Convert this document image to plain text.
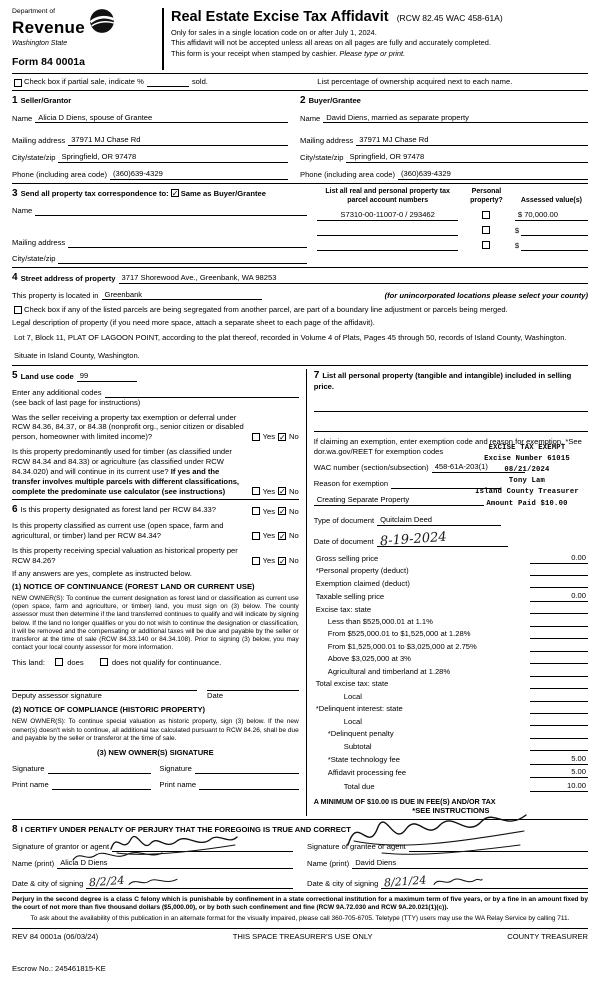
Department of
Revenue
Washington State
Form 84 0001a
Real Estate Excise Tax Affidavit (RCW 82.45 WAC 458-61A)
Only for sales in a single location code on or after July 1, 2024.
This affidavit will not be accepted unless all areas on all pages are fully and accurately completed.
This form is your receipt when stamped by cashier. Please type or print.
Check box if partial sale, indicate %	sold.	List percentage of ownership acquired next to each name.
1 Seller/Grantor
Name Alicia D Diens, spouse of Grantee
Mailing address 37971 MJ Chase Rd
City/state/zip Springfield, OR 97478
Phone (including area code) (360)639-4329
2 Buyer/Grantee
Name David Diens, married as separate property
Mailing address 37971 MJ Chase Rd
City/state/zip Springfield, OR 97478
Phone (including area code) (360)639-4329
3 Send all property tax correspondence to: ✓ Same as Buyer/Grantee
Name
Mailing address
City/state/zip
List all real and personal property tax parcel account numbers
Personal property?	Assessed value(s)
S7310-00-11007-0 / 293462	$ 70,000.00
$
$
4 Street address of property 3717 Shorewood Ave., Greenbank, WA 98253
This property is located in Greenbank	(for unincorporated locations please select your county)
Check box if any of the listed parcels are being segregated from another parcel, are part of a boundary line adjustment or parcels being merged.
Legal description of property (if you need more space, attach a separate sheet to each page of the affidavit).
Lot 7, Block 11, PLAT OF LAGOON POINT, according to the plat thereof, recorded in Volume 4 of Plats, Pages 45 through 50, records of Island County, Washington.
Situate in Island County, Washington.
5 Land use code 99
Enter any additional codes
(see back of last page for instructions)
Was the seller receiving a property tax exemption or deferral under RCW 84.36, 84.37, or 84.38 (nonprofit org., senior citizen or disabled person, homeowner with limited income)?	Yes ✓ No
Is this property predominantly used for timber (as classified under RCW 84.34 and 84.33) or agriculture (as classified under RCW 84.34.020) and will continue in its current use? If yes and the transfer involves multiple parcels with different classifications, complete the predominate use calculator (see instructions)	Yes ✓ No
6 Is this property designated as forest land per RCW 84.33?	Yes ✓ No
Is this property classified as current use (open space, farm and agricultural, or timber) land per RCW 84.34?	Yes ✓ No
Is this property receiving special valuation as historical property per RCW 84.26?	Yes ✓ No
If any answers are yes, complete as instructed below.
(1) NOTICE OF CONTINUANCE (FOREST LAND OR CURRENT USE)
NEW OWNER(S): To continue the current designation as forest land or classification as current use (open space, farm and agriculture, or timber) land, you must sign on (3) below. The county assessor must then determine if the land transferred continues to qualify and will indicate by signing below. If the land no longer qualifies or you do not wish to continue the designation or classification, it will be removed and the compensating or additional taxes will be due and payable by the seller or transferor at the time of sale (RCW 84.33.140 or 84.34.108). Prior to signing (3) below, you may contact your local county assessor for more information.
This land:	does	does not qualify for continuance.
Deputy assessor signature	Date
(2) NOTICE OF COMPLIANCE (HISTORIC PROPERTY)
NEW OWNER(S): To continue special valuation as historic property, sign (3) below. If the new owner(s) doesn't wish to continue, all additional tax calculated pursuant to RCW 84.26, shall be due and payable by the seller or transferor at the time of sale.
(3) NEW OWNER(S) SIGNATURE
Signature	Signature
Print name	Print name
7 List all personal property (tangible and intangible) included in selling price.
If claiming an exemption, enter exemption code and reason for exemption. *See dor.wa.gov/REET for exemption codes
WAC number (section/subsection) 458-61A-203(1)
Reason for exemption
Creating Separate Property
Type of document Quitclaim Deed
Date of document 8-19-2024
EXCISE TAX EXEMPT
Excise Number 61015
08/21/2024
Tony Lam
Island County Treasurer
Amount Paid $10.00
Gross selling price	0.00
*Personal property (deduct)
Exemption claimed (deduct)
Taxable selling price	0.00
Excise tax: state
Less than $525,000.01 at 1.1%
From $525,000.01 to $1,525,000 at 1.28%
From $1,525,000.01 to $3,025,000 at 2.75%
Above $3,025,000 at 3%
Agricultural and timberland at 1.28%
Total excise tax: state
Local
*Delinquent interest: state
Local
*Delinquent penalty
Subtotal
*State technology fee	5.00
Affidavit processing fee	5.00
Total due	10.00
A MINIMUM OF $10.00 IS DUE IN FEE(S) AND/OR TAX
*SEE INSTRUCTIONS
8 I CERTIFY UNDER PENALTY OF PERJURY THAT THE FOREGOING IS TRUE AND CORRECT
Signature of grantor or agent
Name (print) Alicia D Diens
Date & city of signing 8/2/24
Signature of grantee or agent
Name (print) David Diens
Date & city of signing 8/21/24
Perjury in the second degree is a class C felony which is punishable by confinement in a state correctional institution for a maximum term of five years, or by a fine in an amount fixed by the court of not more than five thousand dollars ($5,000.00), or by both such confinement and fine (RCW 9A.72.030 and RCW 9A.20.021(1)(c)).
To ask about the availability of this publication in an alternate format for the visually impaired, please call 360-705-6705. Teletype (TTY) users may use the WA Relay Service by calling 711.
REV 84 0001a (06/03/24)	THIS SPACE TREASURER'S USE ONLY	COUNTY TREASURER
Escrow No.: 245461815-KE
